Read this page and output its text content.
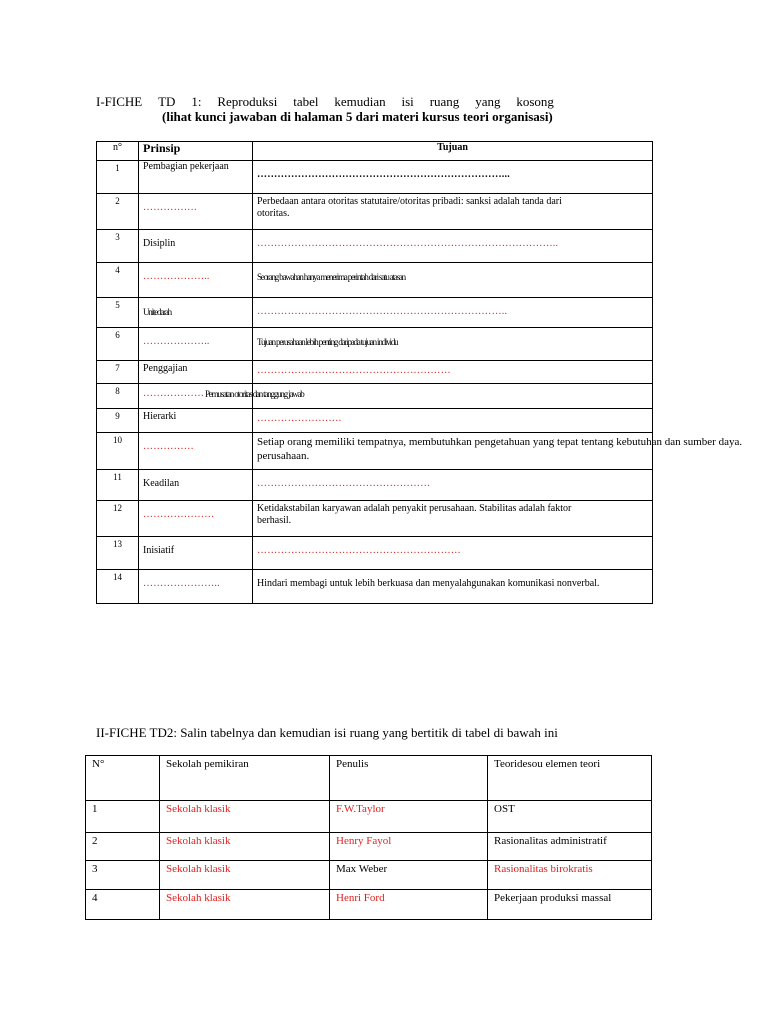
I-FICHE TD 1: Reproduksi tabel kemudian isi ruang yang kosong
(lihat kunci jawaban di halaman 5 dari materi kursus teori organisasi)
n°	Prinsip	Tujuan
1	Pembagian pekerjaan	………………………………………………………………...

2	…………….	Perbedaan antara otoritas statutaire/otoritas pribadi: sanksi adalah tanda dari otoritas.

3	Disiplin	……………………………………………………………………………..

4	………………..	Seorang bawahan hanya menerima perintah dari satu atasan

5	Unitedarah	………………………………………………………………..

6	………………..	Tujuan perusahaan lebih penting daripada tujuan individu

7	Penggajian	…………………………………………………

8	………………	Pemusatan otoritas dan tanggung jawab

9	Hierarki	…………………….

10	……………	Setiap orang memiliki tempatnya, membutuhkan pengetahuan yang tepat tentang kebutuhan dan sumber daya. perusahaan.

11	Keadilan	……………………………………………

12	…………………	Ketidakstabilan karyawan adalah penyakit perusahaan. Stabilitas adalah faktor berhasil.

13	Inisiatif	……………………………………………………

14	…………………..	Hindari membagi untuk lebih berkuasa dan menyalahgunakan komunikasi nonverbal.
II-FICHE TD2: Salin tabelnya dan kemudian isi ruang yang bertitik di tabel di bawah ini
N°	Sekolah pemikiran	Penulis	Teoridesou elemen teori
1	Sekolah klasik	F.W.Taylor	OST
2	Sekolah klasik	Henry Fayol	Rasionalitas administratif
3	Sekolah klasik	Max Weber	Rasionalitas birokratis
4	Sekolah klasik	Henri Ford	Pekerjaan produksi massal
